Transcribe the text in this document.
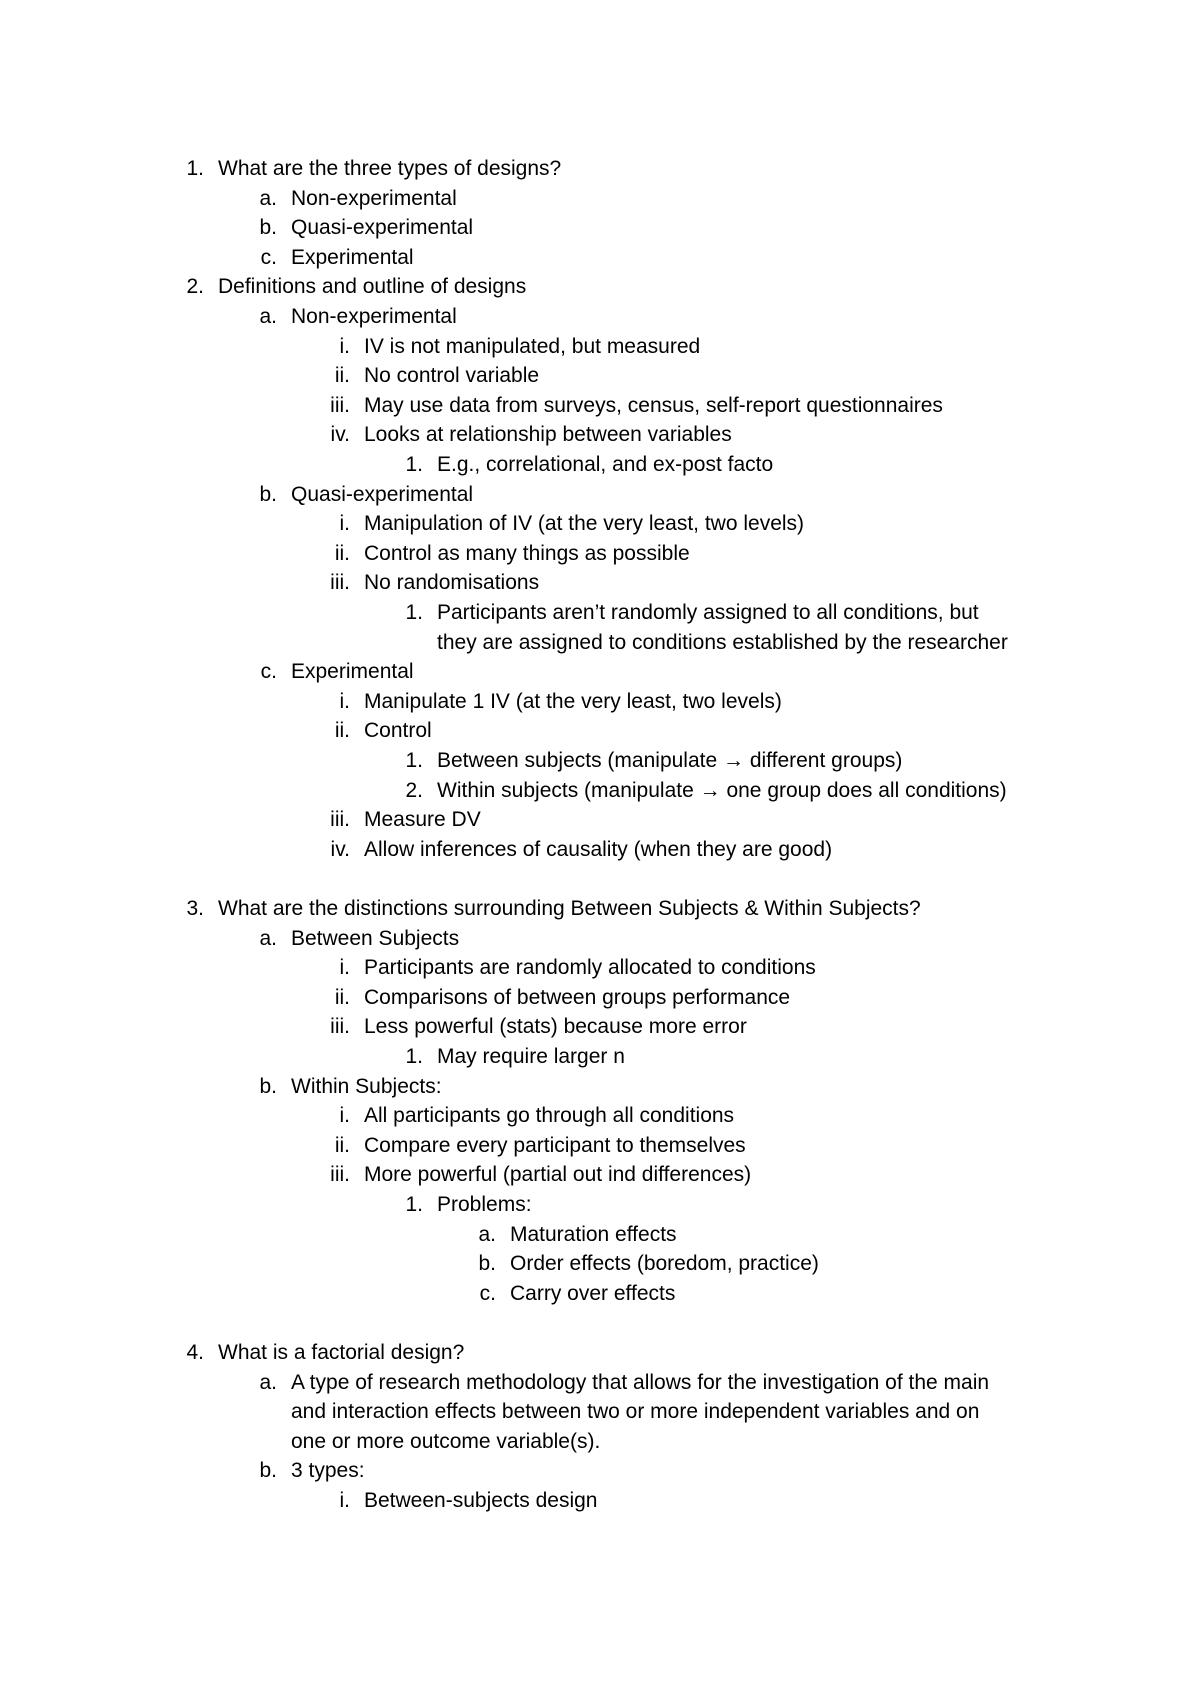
1. What are the three types of designs?
a. Non-experimental
b. Quasi-experimental
c. Experimental
2. Definitions and outline of designs
a. Non-experimental
i. IV is not manipulated, but measured
ii. No control variable
iii. May use data from surveys, census, self-report questionnaires
iv. Looks at relationship between variables
1. E.g., correlational, and ex-post facto
b. Quasi-experimental
i. Manipulation of IV (at the very least, two levels)
ii. Control as many things as possible
iii. No randomisations
1. Participants aren’t randomly assigned to all conditions, but
they are assigned to conditions established by the researcher
c. Experimental
i. Manipulate 1 IV (at the very least, two levels)
ii. Control
1. Between subjects (manipulate → different groups)
2. Within subjects (manipulate → one group does all conditions)
iii. Measure DV
iv. Allow inferences of causality (when they are good)
3. What are the distinctions surrounding Between Subjects & Within Subjects?
a. Between Subjects
i. Participants are randomly allocated to conditions
ii. Comparisons of between groups performance
iii. Less powerful (stats) because more error
1. May require larger n
b. Within Subjects:
i. All participants go through all conditions
ii. Compare every participant to themselves
iii. More powerful (partial out ind differences)
1. Problems:
a. Maturation effects
b. Order effects (boredom, practice)
c. Carry over effects
4. What is a factorial design?
a. A type of research methodology that allows for the investigation of the main
and interaction effects between two or more independent variables and on
one or more outcome variable(s).
b. 3 types:
i. Between-subjects design
